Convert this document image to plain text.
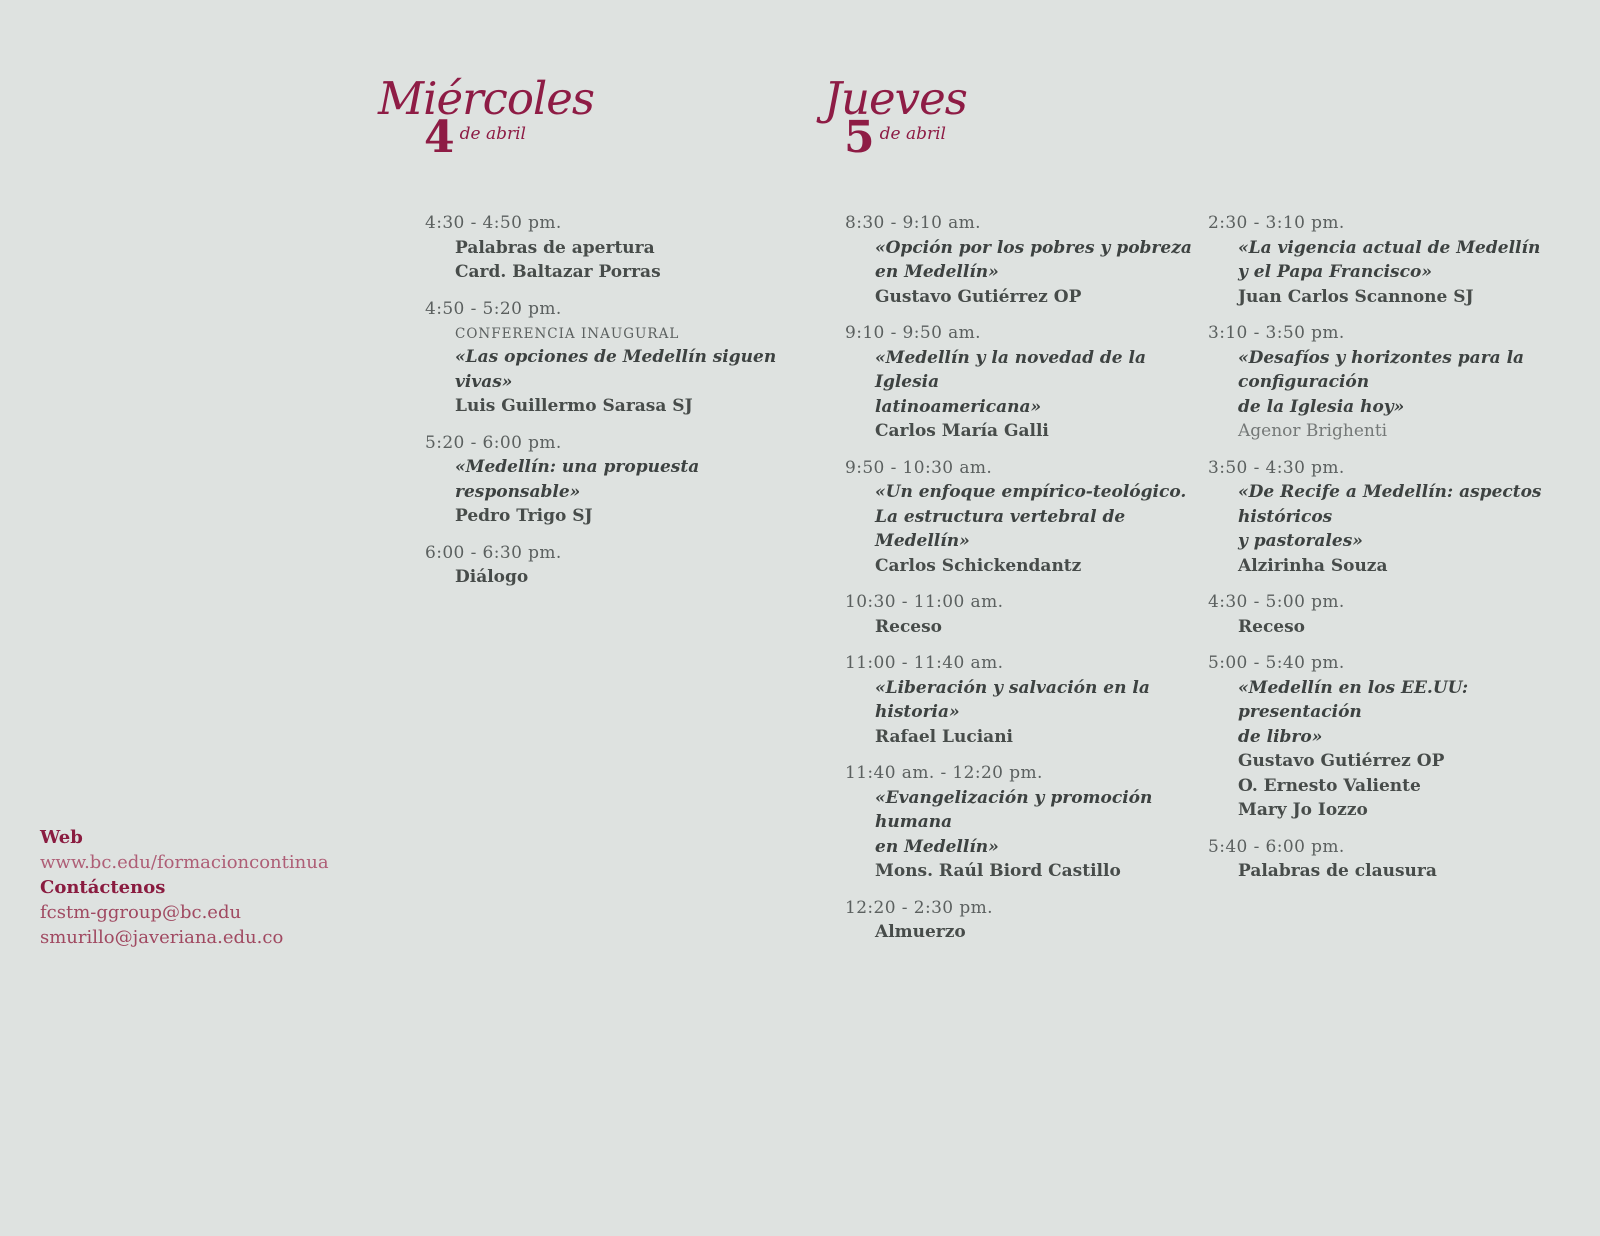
Miércoles
4 de abril
Jueves
5 de abril
4:30 - 4:50 pm.
Palabras de apertura
Card. Baltazar Porras
4:50 - 5:20 pm.
CONFERENCIA INAUGURAL
«Las opciones de Medellín siguen vivas»
Luis Guillermo Sarasa SJ
5:20 - 6:00 pm.
«Medellín: una propuesta responsable»
Pedro Trigo SJ
6:00 - 6:30 pm.
Diálogo
8:30 - 9:10 am.
«Opción por los pobres y pobreza
en Medellín»
Gustavo Gutiérrez OP
9:10 - 9:50 am.
«Medellín y la novedad de la Iglesia
latinoamericana»
Carlos María Galli
9:50 - 10:30 am.
«Un enfoque empírico-teológico.
La estructura vertebral de Medellín»
Carlos Schickendantz
10:30 - 11:00 am.
Receso
11:00 - 11:40 am.
«Liberación y salvación en la historia»
Rafael Luciani
11:40 am. - 12:20 pm.
«Evangelización y promoción humana
en Medellín»
Mons. Raúl Biord Castillo
12:20 - 2:30 pm.
Almuerzo
2:30 - 3:10 pm.
«La vigencia actual de Medellín
y el Papa Francisco»
Juan Carlos Scannone SJ
3:10 - 3:50 pm.
«Desafíos y horizontes para la configuración
de la Iglesia hoy»
Agenor Brighenti
3:50 - 4:30 pm.
«De Recife a Medellín: aspectos históricos
y pastorales»
Alzirinha Souza
4:30 - 5:00 pm.
Receso
5:00 - 5:40 pm.
«Medellín en los EE.UU: presentación
de libro»
Gustavo Gutiérrez OP
O. Ernesto Valiente
Mary Jo Iozzo
5:40 - 6:00 pm.
Palabras de clausura
Web
www.bc.edu/formacioncontinua
Contáctenos
fcstm-ggroup@bc.edu
smurillo@javeriana.edu.co
